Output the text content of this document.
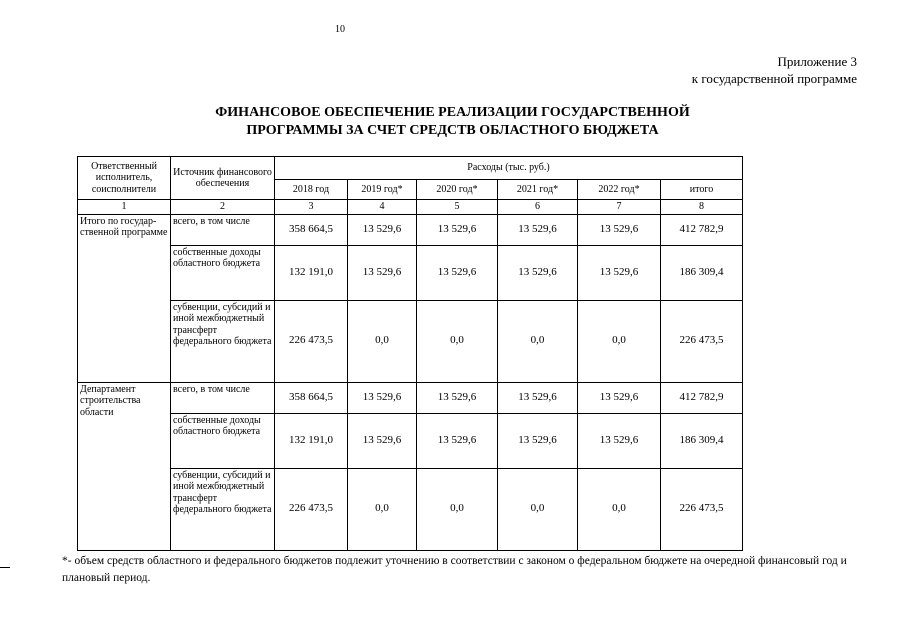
10
Приложение 3
к государственной программе
ФИНАНСОВОЕ ОБЕСПЕЧЕНИЕ РЕАЛИЗАЦИИ ГОСУДАРСТВЕННОЙ
ПРОГРАММЫ ЗА СЧЕТ СРЕДСТВ ОБЛАСТНОГО БЮДЖЕТА
Ответственный исполнитель, соисполнители	Источник финансового обеспечения	Расходы (тыс. руб.)					
		2018 год	2019 год*	2020 год*	2021 год*	2022 год*	итого
1	2	3	4	5	6	7	8
Итого по государ-ственной программе	всего, в том числе	358 664,5	13 529,6	13 529,6	13 529,6	13 529,6	412 782,9
	собственные доходы областного бюджета	132 191,0	13 529,6	13 529,6	13 529,6	13 529,6	186 309,4
	субвенции, субсидий и иной межбюджетный трансферт федерального бюджета	226 473,5	0,0	0,0	0,0	0,0	226 473,5
Департамент строительства области	всего, в том числе	358 664,5	13 529,6	13 529,6	13 529,6	13 529,6	412 782,9
	собственные доходы областного бюджета	132 191,0	13 529,6	13 529,6	13 529,6	13 529,6	186 309,4
	субвенции, субсидий и иной межбюджетный трансферт федерального бюджета	226 473,5	0,0	0,0	0,0	0,0	226 473,5
*- объем средств областного и федерального бюджетов подлежит уточнению в соответствии с законом о федеральном бюджете на очередной финансовый год и плановый период.
